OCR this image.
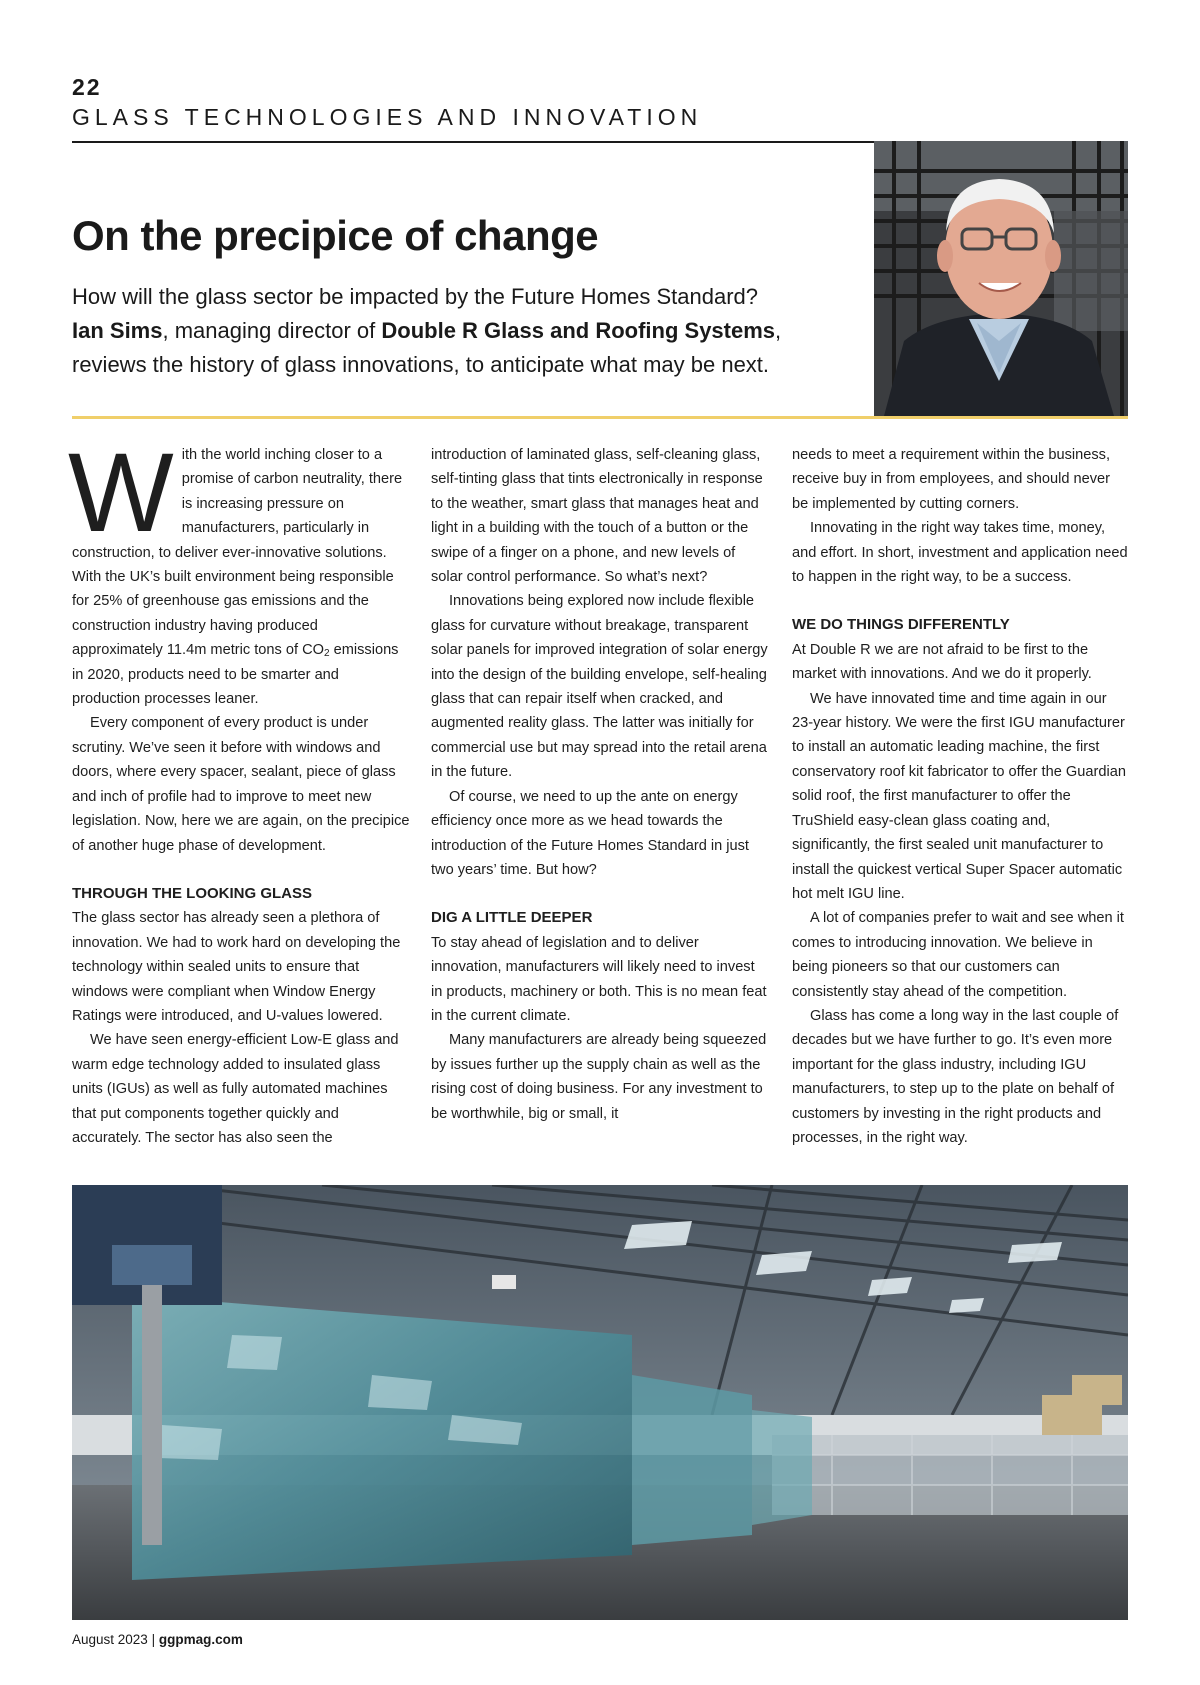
22
GLASS TECHNOLOGIES AND INNOVATION
On the precipice of change
How will the glass sector be impacted by the Future Homes Standard?
Ian Sims, managing director of Double R Glass and Roofing Systems,
reviews the history of glass innovations, to anticipate what may be next.

With the world inching closer to a promise of carbon neutrality, there is increasing pressure on manufacturers, particularly in construction, to deliver ever-innovative solutions. With the UK’s built environment being responsible for 25% of greenhouse gas emissions and the construction industry having produced approximately 11.4m metric tons of $CO_2$ emissions in 2020, products need to be smarter and production processes leaner.

Every component of every product is under scrutiny. We’ve seen it before with windows and doors, where every spacer, sealant, piece of glass and inch of profile had to improve to meet new legislation. Now, here we are again, on the precipice of another huge phase of development.

THROUGH THE LOOKING GLASS

The glass sector has already seen a plethora of innovation. We had to work hard on developing the technology within sealed units to ensure that windows were compliant when Window Energy Ratings were introduced, and U-values lowered.

We have seen energy-efficient Low-E glass and warm edge technology added to insulated glass units (IGUs) as well as fully automated machines that put components together quickly and accurately. The sector has also seen the

introduction of laminated glass, self-cleaning glass, self-tinting glass that tints electronically in response to the weather, smart glass that manages heat and light in a building with the touch of a button or the swipe of a finger on a phone, and new levels of solar control performance. So what’s next?

Innovations being explored now include flexible glass for curvature without breakage, transparent solar panels for improved integration of solar energy into the design of the building envelope, self-healing glass that can repair itself when cracked, and augmented reality glass. The latter was initially for commercial use but may spread into the retail arena in the future.

Of course, we need to up the ante on energy efficiency once more as we head towards the introduction of the Future Homes Standard in just two years’ time. But how?

DIG A LITTLE DEEPER

To stay ahead of legislation and to deliver innovation, manufacturers will likely need to invest in products, machinery or both. This is no mean feat in the current climate.

Many manufacturers are already being squeezed by issues further up the supply chain as well as the rising cost of doing business. For any investment to be worthwhile, big or small, it

needs to meet a requirement within the business, receive buy in from employees, and should never be implemented by cutting corners.

Innovating in the right way takes time, money, and effort. In short, investment and application need to happen in the right way, to be a success.

WE DO THINGS DIFFERENTLY

At Double R we are not afraid to be first to the market with innovations. And we do it properly.

We have innovated time and time again in our 23-year history. We were the first IGU manufacturer to install an automatic leading machine, the first conservatory roof kit fabricator to offer the Guardian solid roof, the first manufacturer to offer the TruShield easy-clean glass coating and, significantly, the first sealed unit manufacturer to install the quickest vertical Super Spacer automatic hot melt IGU line.

A lot of companies prefer to wait and see when it comes to introducing innovation. We believe in being pioneers so that our customers can consistently stay ahead of the competition.

Glass has come a long way in the last couple of decades but we have further to go. It’s even more important for the glass industry, including IGU manufacturers, to step up to the plate on behalf of customers by investing in the right products and processes, in the right way.

August 2023 | ggpmag.com
